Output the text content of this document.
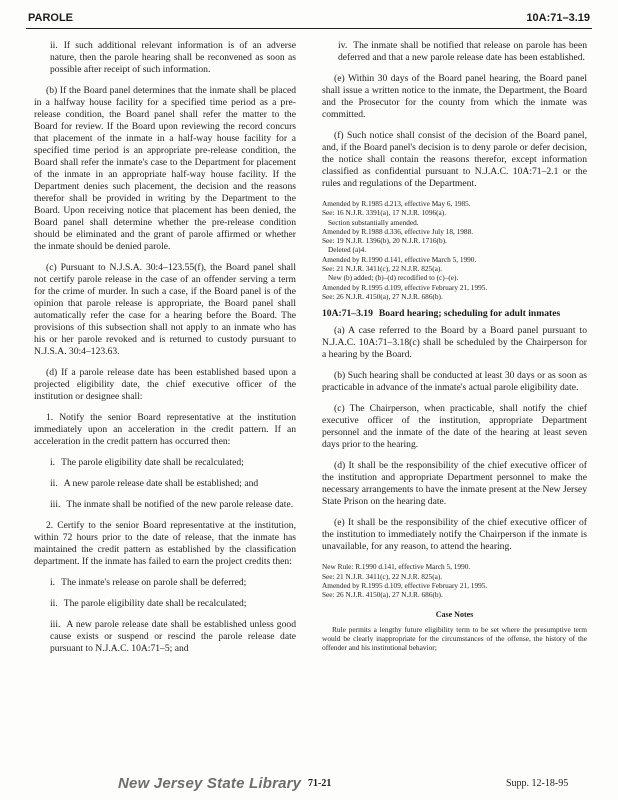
PAROLE	10A:71–3.19

ii. If such additional relevant information is of an adverse nature, then the parole hearing shall be reconvened as soon as possible after receipt of such information.

(b) If the Board panel determines that the inmate shall be placed in a halfway house facility for a specified time period as a pre-release condition, the Board panel shall refer the matter to the Board for review. If the Board upon reviewing the record concurs that placement of the inmate in a half-way house facility for a specified time period is an appropriate pre-release condition, the Board shall refer the inmate's case to the Department for placement of the inmate in an appropriate half-way house facility. If the Department denies such placement, the decision and the reasons therefor shall be provided in writing by the Department to the Board. Upon receiving notice that placement has been denied, the Board panel shall determine whether the pre-release condition should be eliminated and the grant of parole affirmed or whether the inmate should be denied parole.

(c) Pursuant to N.J.S.A. 30:4–123.55(f), the Board panel shall not certify parole release in the case of an offender serving a term for the crime of murder. In such a case, if the Board panel is of the opinion that parole release is appropriate, the Board panel shall automatically refer the case for a hearing before the Board. The provisions of this subsection shall not apply to an inmate who has his or her parole revoked and is returned to custody pursuant to N.J.S.A. 30:4–123.63.

(d) If a parole release date has been established based upon a projected eligibility date, the chief executive officer of the institution or designee shall:

1. Notify the senior Board representative at the institution immediately upon an acceleration in the credit pattern. If an acceleration in the credit pattern has occurred then:

i. The parole eligibility date shall be recalculated;

ii. A new parole release date shall be established; and

iii. The inmate shall be notified of the new parole release date.

2. Certify to the senior Board representative at the institution, within 72 hours prior to the date of release, that the inmate has maintained the credit pattern as established by the classification department. If the inmate has failed to earn the project credits then:

i. The inmate's release on parole shall be deferred;

ii. The parole eligibility date shall be recalculated;

iii. A new parole release date shall be established unless good cause exists or suspend or rescind the parole release date pursuant to N.J.A.C. 10A:71–5; and

iv. The inmate shall be notified that release on parole has been deferred and that a new parole release date has been established.

(e) Within 30 days of the Board panel hearing, the Board panel shall issue a written notice to the inmate, the Department, the Board and the Prosecutor for the county from which the inmate was committed.

(f) Such notice shall consist of the decision of the Board panel, and, if the Board panel's decision is to deny parole or defer decision, the notice shall contain the reasons therefor, except information classified as confidential pursuant to N.J.A.C. 10A:71–2.1 or the rules and regulations of the Department.

Amended by R.1985 d.213, effective May 6, 1985.
See: 16 N.J.R. 3391(a), 17 N.J.R. 1096(a).
Section substantially amended.
Amended by R.1988 d.336, effective July 18, 1988.
See: 19 N.J.R. 1396(b), 20 N.J.R. 1716(b).
Deleted (a)4.
Amended by R.1990 d.141, effective March 5, 1990.
See: 21 N.J.R. 3411(c), 22 N.J.R. 825(a).
New (b) added; (b)–(d) recodified to (c)–(e).
Amended by R.1995 d.109, effective February 21, 1995.
See: 26 N.J.R. 4150(a), 27 N.J.R. 686(b).

10A:71–3.19 Board hearing; scheduling for adult inmates

(a) A case referred to the Board by a Board panel pursuant to N.J.A.C. 10A:71–3.18(c) shall be scheduled by the Chairperson for a hearing by the Board.

(b) Such hearing shall be conducted at least 30 days or as soon as practicable in advance of the inmate's actual parole eligibility date.

(c) The Chairperson, when practicable, shall notify the chief executive officer of the institution, appropriate Department personnel and the inmate of the date of the hearing at least seven days prior to the hearing.

(d) It shall be the responsibility of the chief executive officer of the institution and appropriate Department personnel to make the necessary arrangements to have the inmate present at the New Jersey State Prison on the hearing date.

(e) It shall be the responsibility of the chief executive officer of the institution to immediately notify the Chairperson if the inmate is unavailable, for any reason, to attend the hearing.

New Rule: R.1990 d.141, effective March 5, 1990.
See: 21 N.J.R. 3411(c), 22 N.J.R. 825(a).
Amended by R.1995 d.109, effective February 21, 1995.
See: 26 N.J.R. 4150(a), 27 N.J.R. 686(b).

Case Notes

Rule permits a lengthy future eligibility term to be set where the presumptive term would be clearly inappropriate for the circumstances of the offense, the history of the offender and his institutional behavior;

New Jersey State Library 71-21	Supp. 12-18-95
